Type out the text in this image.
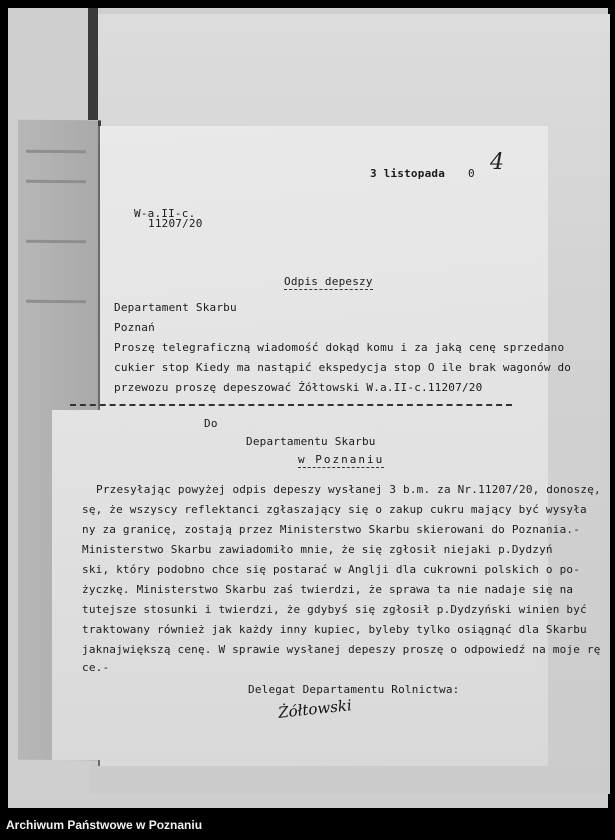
3 listopada 0 4
W-a.II-c.
11207/20
Odpis depeszy
Departament Skarbu
Poznań
Proszę telegraficzną wiadomość dokąd komu i za jaką cenę sprzedano
cukier stop Kiedy ma nastąpić ekspedycja stop O ile brak wagonów do
przewozu proszę depeszować Żółtowski W.a.II-c.11207/20
Do
Departamentu Skarbu
w Poznaniu
Przesyłając powyżej odpis depeszy wysłanej 3 b.m. za Nr.11207/20, donoszę,
sę, że wszyscy reflektanci zgłaszający się o zakup cukru mający być wysyła
ny za granicę, zostają przez Ministerstwo Skarbu skierowani do Poznania.-
Ministerstwo Skarbu zawiadomiło mnie, że się zgłosił niejaki p.Dydzyń
ski, który podobno chce się postarać w Anglji dla cukrowni polskich o po-
życzkę. Ministerstwo Skarbu zaś twierdzi, że sprawa ta nie nadaje się na
tutejsze stosunki i twierdzi, że gdybyś się zgłosił p.Dydzyński winien być
traktowany również jak każdy inny kupiec, byleby tylko osiągnąć dla Skarbu
jaknajwiększą cenę. W sprawie wysłanej depeszy proszę o odpowiedź na moje rę
ce.-
Delegat Departamentu Rolnictwa:
Żółtowski
Archiwum Państwowe w Poznaniu
